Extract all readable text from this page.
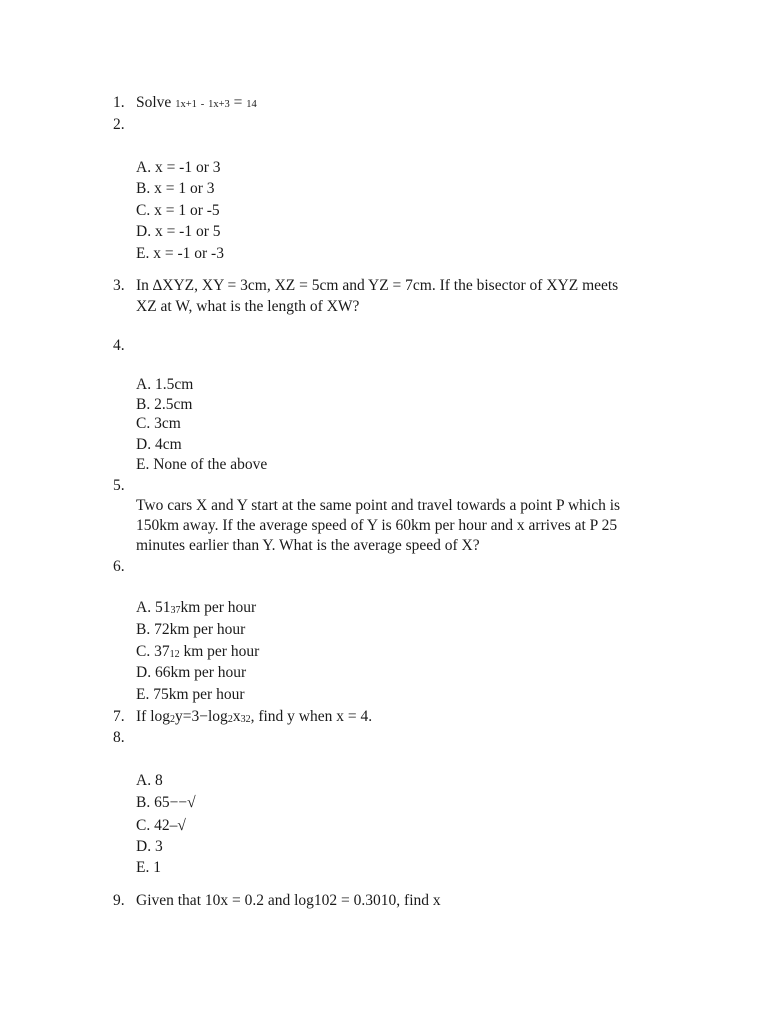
1. Solve 1x+1 - 1x+3 = 14
2.
A. x = -1 or 3
B. x = 1 or 3
C. x = 1 or -5
D. x = -1 or 5
E. x = -1 or -3
3. In ∆XYZ, XY = 3cm, XZ = 5cm and YZ = 7cm. If the bisector of XYZ meets
XZ at W, what is the length of XW?
4.
A. 1.5cm
B. 2.5cm
C. 3cm
D. 4cm
E. None of the above
5.
Two cars X and Y start at the same point and travel towards a point P which is
150km away. If the average speed of Y is 60km per hour and x arrives at P 25
minutes earlier than Y. What is the average speed of X?
6.
A. 5137km per hour
B. 72km per hour
C. 3712 km per hour
D. 66km per hour
E. 75km per hour
7. If log2y=3−log2x32, find y when x = 4.
8.
A. 8
B. 65−−√
C. 42–√
D. 3
E. 1
9. Given that 10x = 0.2 and log102 = 0.3010, find x
